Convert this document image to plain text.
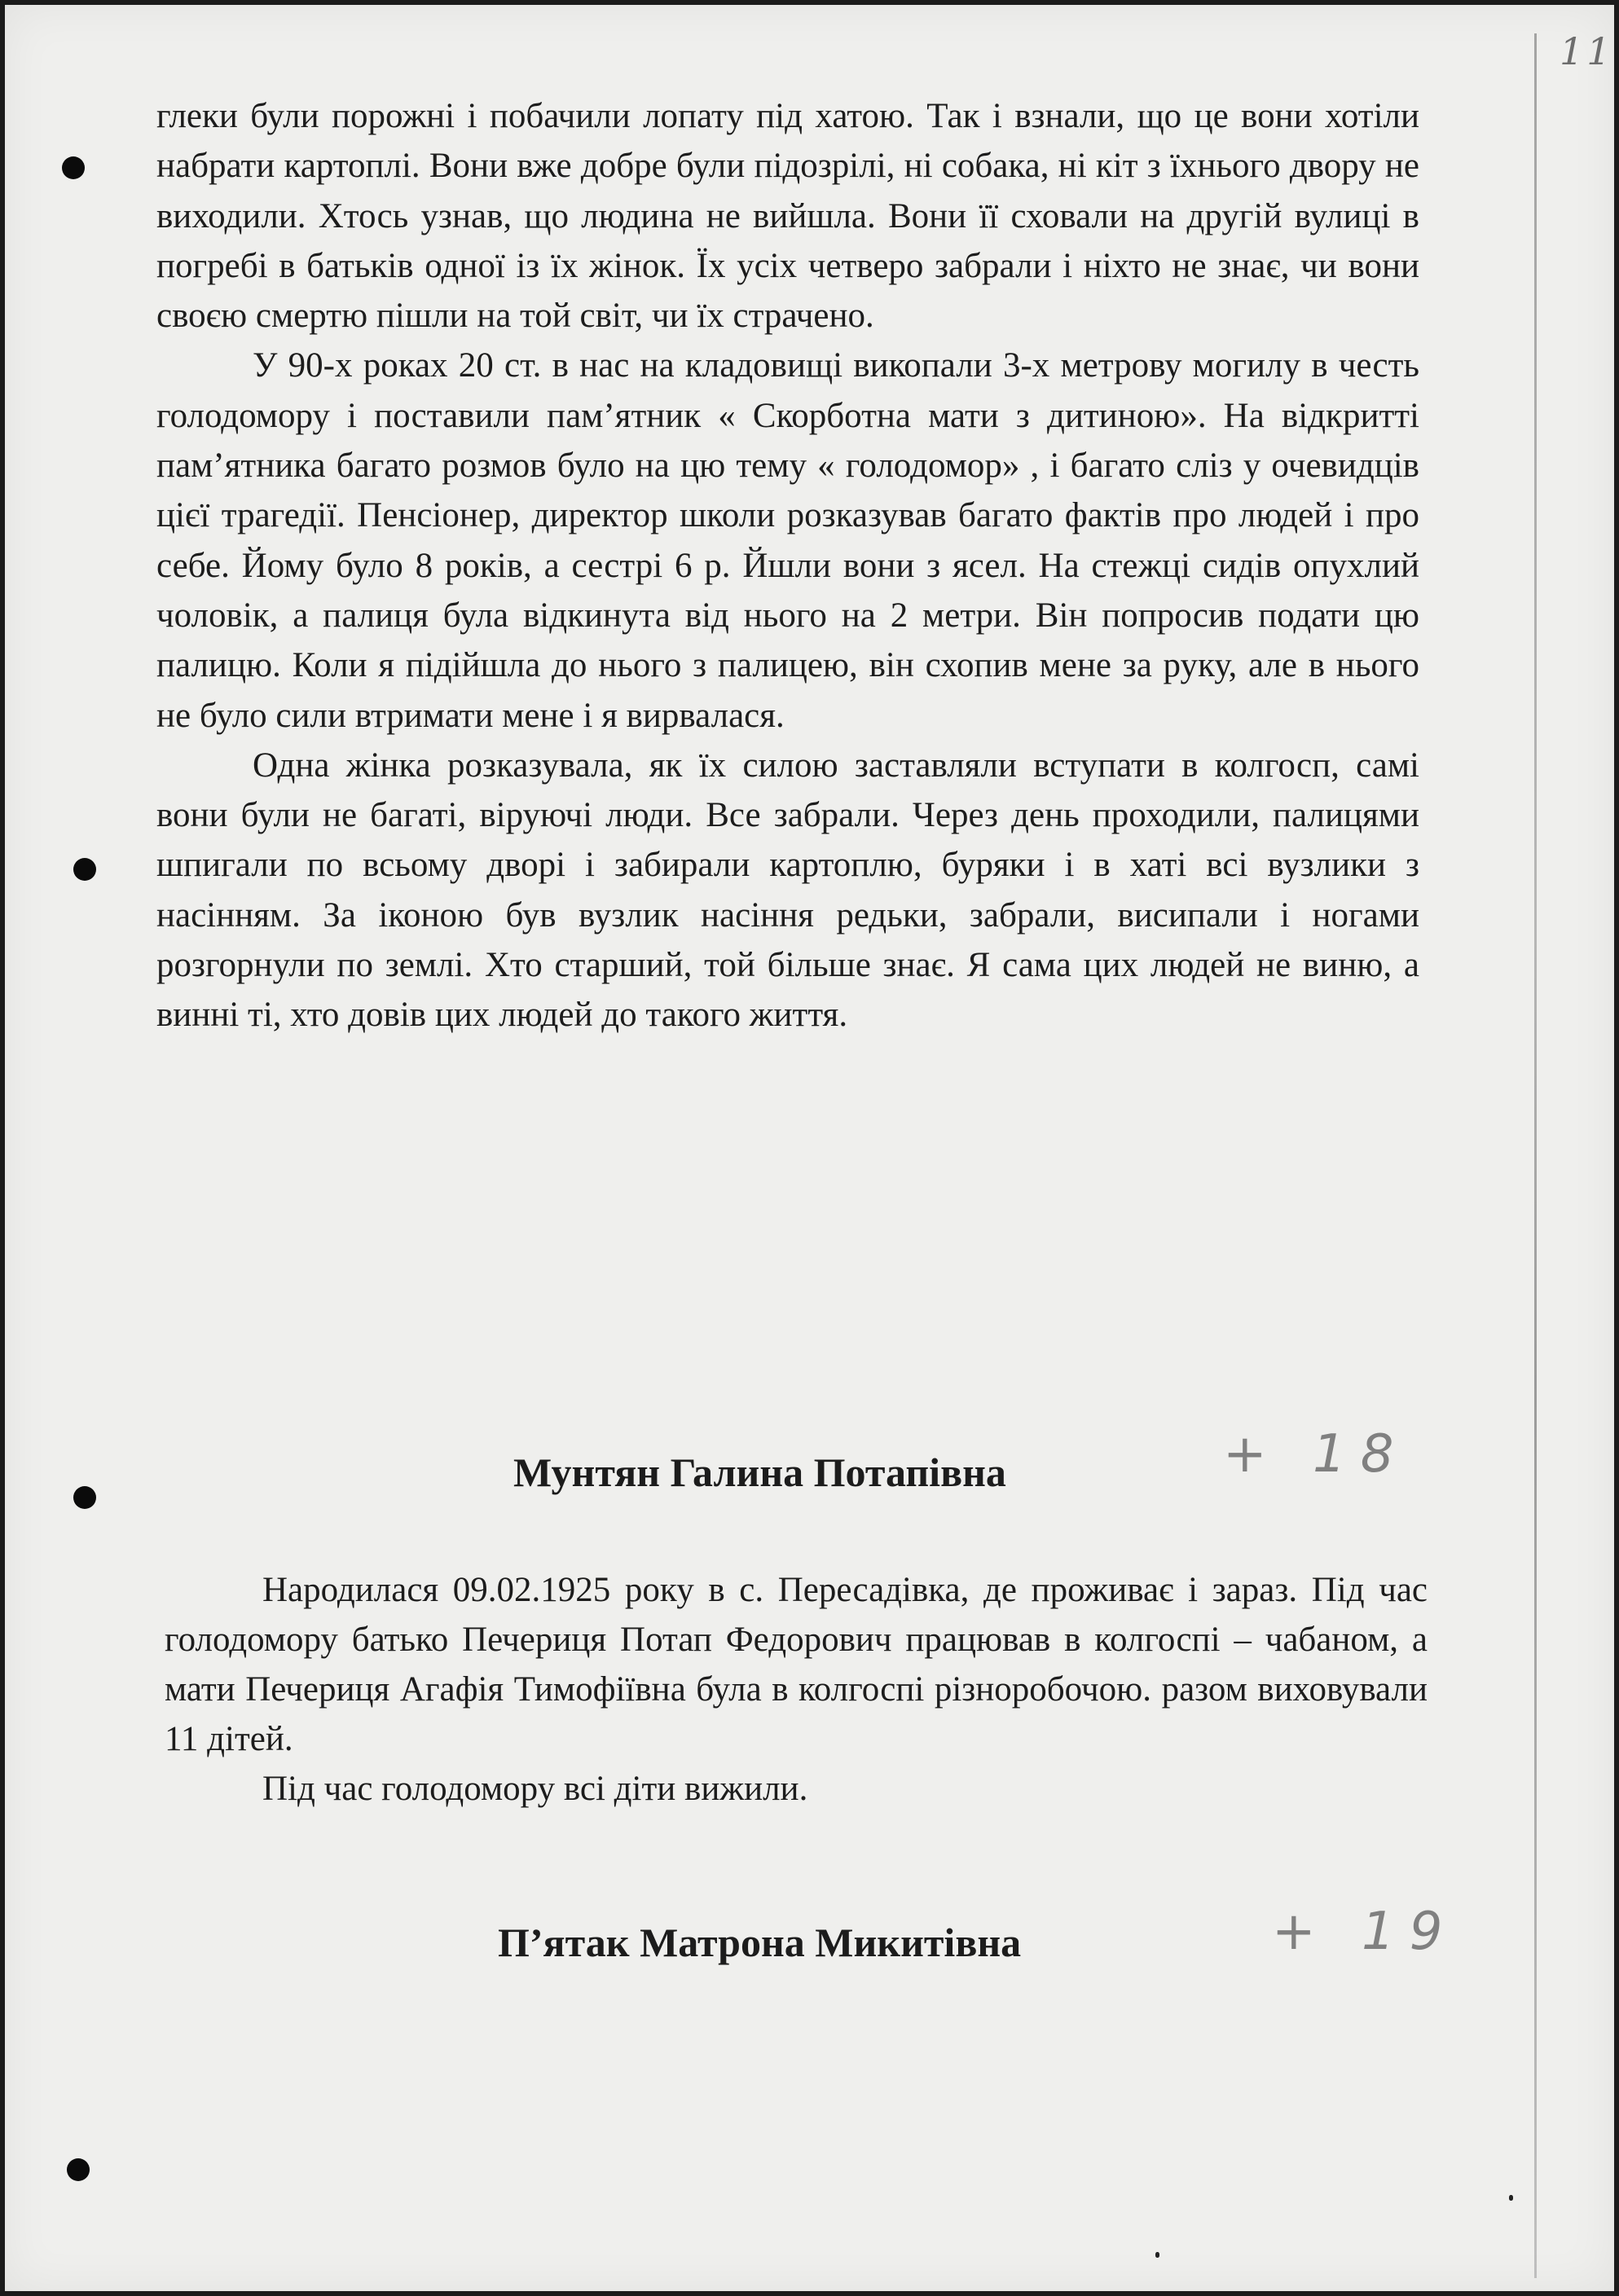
11

глеки були порожні і побачили лопату під хатою. Так і взнали, що це вони хотіли набрати картоплі. Вони вже добре були підозрілі, ні собака, ні кіт з їхнього двору не виходили. Хтось узнав, що людина не вийшла. Вони її сховали на другій вулиці в погребі в батьків одної із їх жінок. Їх усіх четверо забрали і ніхто не знає, чи вони своєю смертю пішли на той світ, чи їх страчено.

У 90-х роках 20 ст. в нас на кладовищі викопали 3-х метрову могилу в честь голодомору і поставили пам’ятник « Скорботна мати з дитиною». На відкритті пам’ятника багато розмов було на цю тему « голодомор» , і багато сліз у очевидців цієї трагедії. Пенсіонер, директор школи розказував багато фактів про людей і про себе. Йому було 8 років, а сестрі 6 р. Йшли вони з ясел. На стежці сидів опухлий чоловік, а палиця була відкинута від нього на 2 метри. Він попросив подати цю палицю. Коли я підійшла до нього з палицею, він схопив мене за руку, але в нього не було сили втримати мене і я вирвалася.

Одна жінка розказувала, як їх силою заставляли вступати в колгосп, самі вони були не багаті, віруючі люди. Все забрали. Через день проходили, палицями шпигали по всьому дворі і забирали картоплю, буряки і в хаті всі вузлики з насінням. За іконою був вузлик насіння редьки, забрали, висипали і ногами розгорнули по землі. Хто старший, той більше знає. Я сама цих людей не виню, а винні ті, хто довів цих людей до такого життя.

Мунтян Галина Потапівна	+ 18

Народилася 09.02.1925 року в с. Пересадівка, де проживає і зараз. Під час голодомору батько Печериця Потап Федорович працював в колгоспі – чабаном, а мати Печериця Агафія Тимофіївна була в колгоспі різноробочою. разом виховували 11 дітей.

Під час голодомору всі діти вижили.

П’ятак Матрона Микитівна	+ 19
